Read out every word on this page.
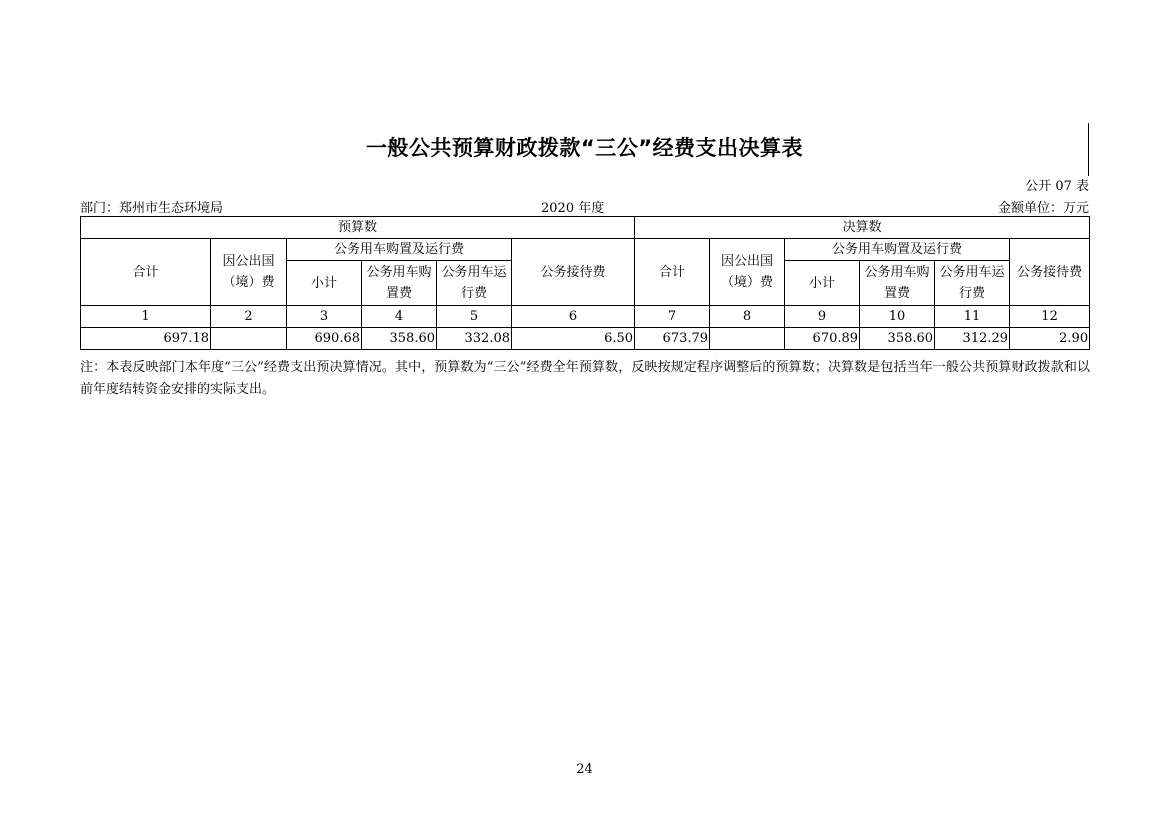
一般公共预算财政拨款“三公”经费支出决算表
公开 07 表
部门：郑州市生态环境局	2020 年度	金额单位：万元
预算数						决算数					
合计	因公出国（境）费	公务用车购置及运行费			公务接待费	合计	因公出国（境）费	公务用车购置及运行费			公务接待费
		小计	公务用车购置费	公务用车运行费				小计	公务用车购置费	公务用车运行费	
1	2	3	4	5	6	7	8	9	10	11	12
697.18		690.68	358.60	332.08	6.50	673.79		670.89	358.60	312.29	2.90
注：本表反映部门本年度“三公”经费支出预决算情况。其中，预算数为“三公”经费全年预算数，反映按规定程序调整后的预算数；决算数是包括当年一般公共预算财政拨款和以前年度结转资金安排的实际支出。
24
